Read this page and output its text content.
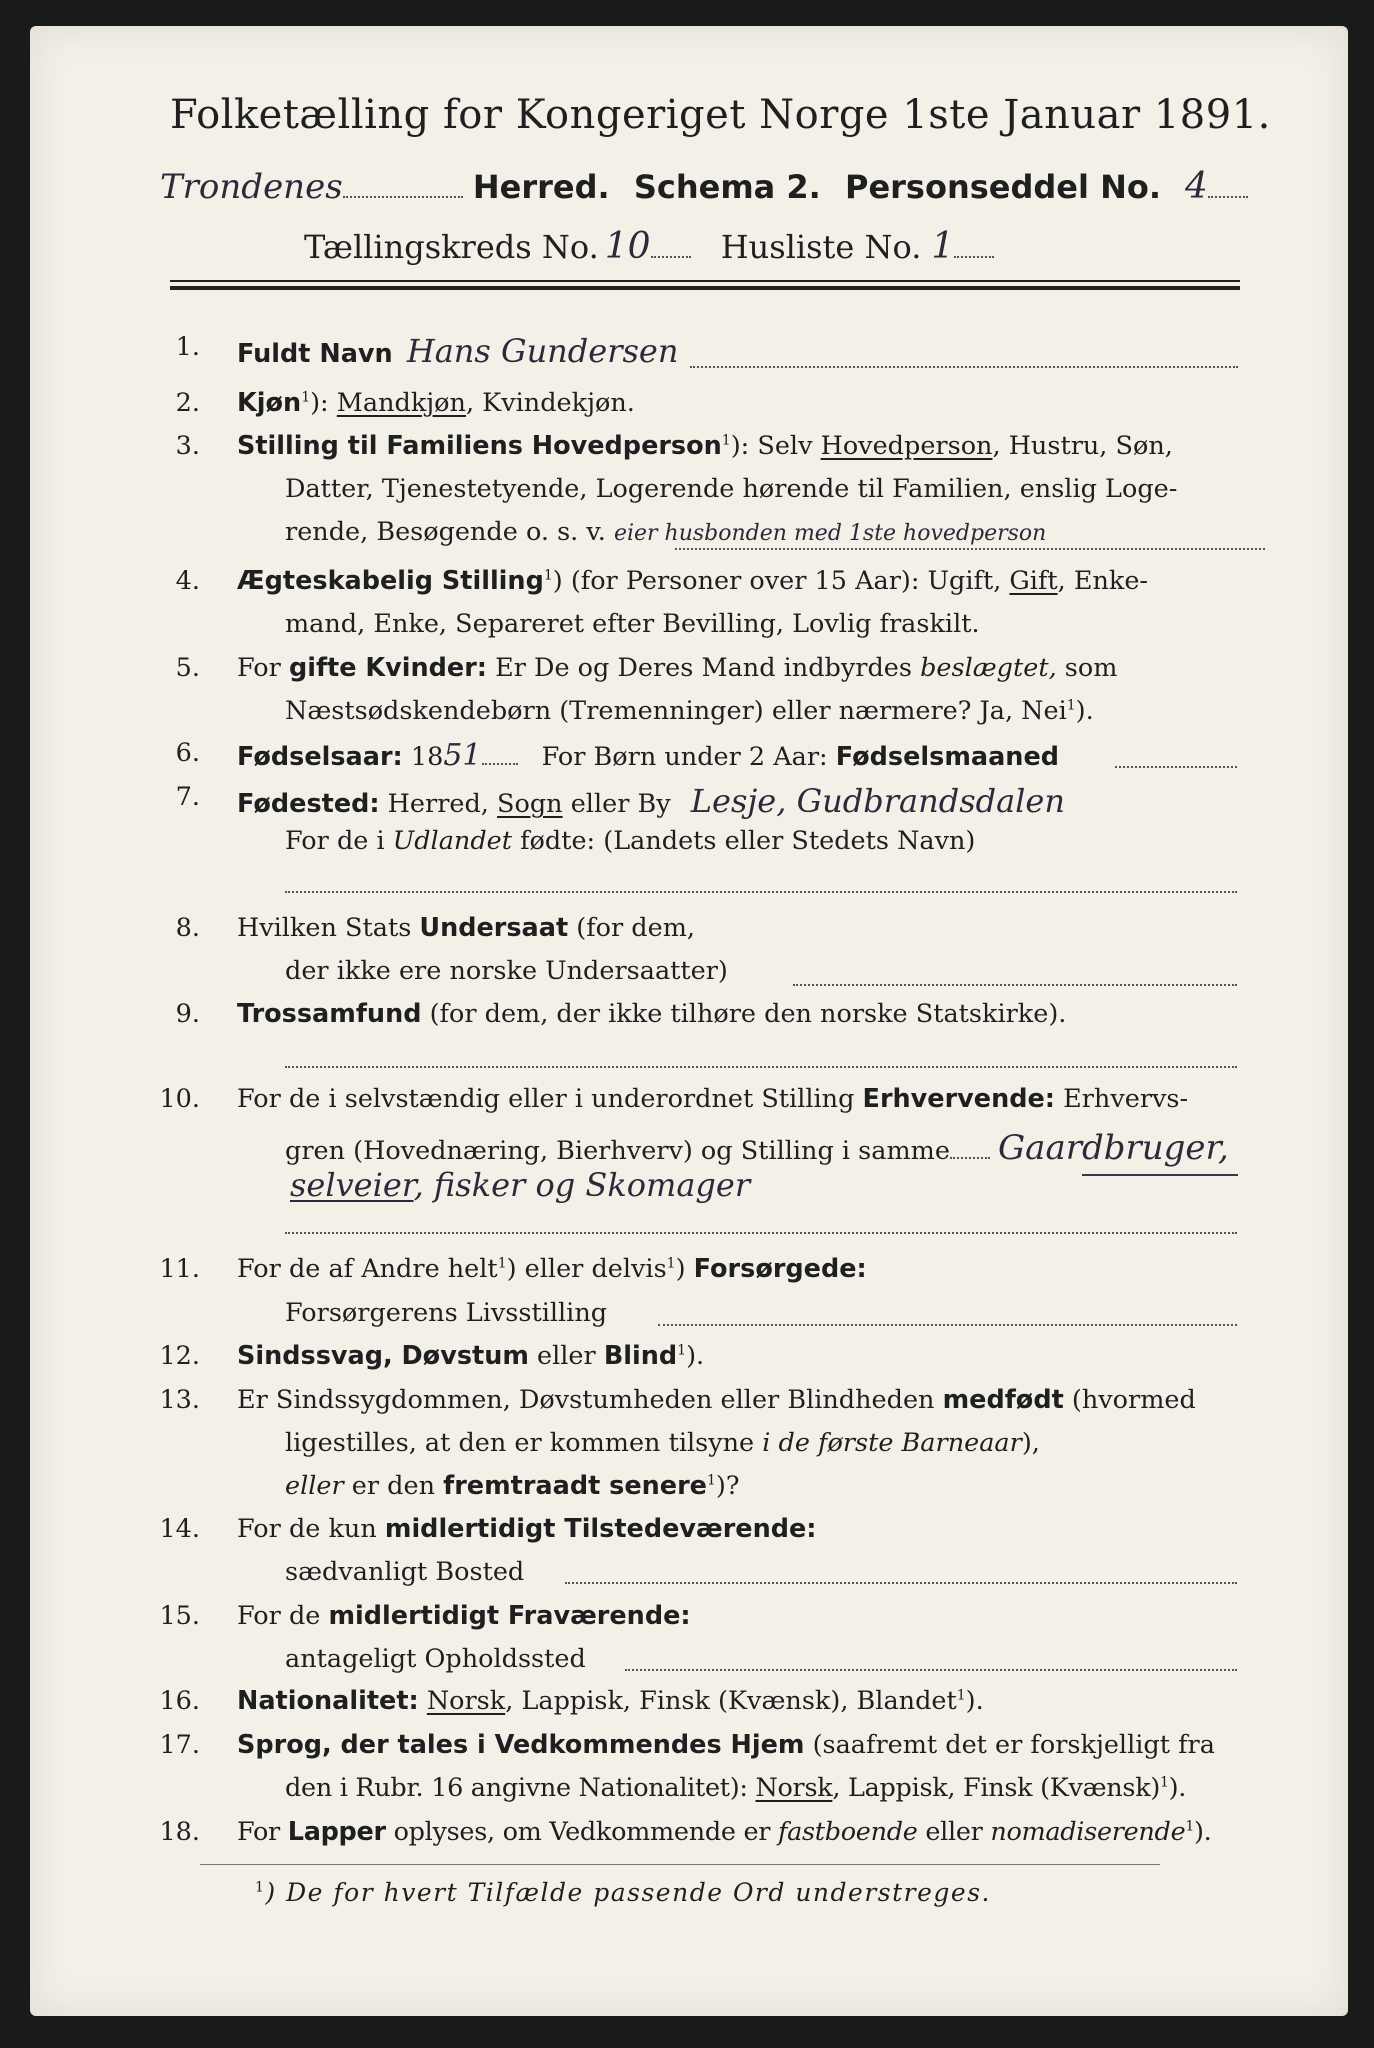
Folketælling for Kongeriget Norge 1ste Januar 1891.
Trondenes	Herred. Schema 2. Personseddel No. 4
Tællingskreds No. 10 Husliste No. 1
1. Fuldt Navn Hans Gundersen
2. Kjøn$^1$): Mandkjøn, Kvindekjøn.
3. Stilling til Familiens Hovedperson$^1$): Selv Hovedperson, Hustru, Søn,
Datter, Tjenestetyende, Logerende hørende til Familien, enslig Loge-
rende, Besøgende o. s. v. eier husbonden med 1ste hovedperson
4. Ægteskabelig Stilling$^1$) (for Personer over 15 Aar): Ugift, Gift, Enke-
mand, Enke, Separeret efter Bevilling, Lovlig fraskilt.
5. For gifte Kvinder: Er De og Deres Mand indbyrdes beslægtet, som
Næstsødskendebørn (Tremenninger) eller nærmere? Ja, Nei$^1$).
6. Fødselsaar: 1851 For Børn under 2 Aar: Fødselsmaaned
7. Fødested: Herred, Sogn eller By Lesje, Gudbrandsdalen
For de i Udlandet fødte: (Landets eller Stedets Navn)
8. Hvilken Stats Undersaat (for dem,
der ikke ere norske Undersaatter)
9. Trossamfund (for dem, der ikke tilhøre den norske Statskirke).
10. For de i selvstændig eller i underordnet Stilling Erhvervende: Erhvervs-
gren (Hovednæring, Bierhverv) og Stilling i samme Gaardbruger,
selveier, fisker og Skomager
11. For de af Andre helt$^1$) eller delvis$^1$) Forsørgede:
Forsørgerens Livsstilling
12. Sindssvag, Døvstum eller Blind$^1$).
13. Er Sindssygdommen, Døvstumheden eller Blindheden medfødt (hvormed
ligestilles, at den er kommen tilsyne i de første Barneaar),
eller er den fremtraadt senere$^1$)?
14. For de kun midlertidigt Tilstedeværende:
sædvanligt Bosted
15. For de midlertidigt Fraværende:
antageligt Opholdssted
16. Nationalitet: Norsk, Lappisk, Finsk (Kvænsk), Blandet$^1$).
17. Sprog, der tales i Vedkommendes Hjem (saafremt det er forskjelligt fra
den i Rubr. 16 angivne Nationalitet): Norsk, Lappisk, Finsk (Kvænsk)$^1$).
18. For Lapper oplyses, om Vedkommende er fastboende eller nomadiserende$^1$).
$^1$) De for hvert Tilfælde passende Ord understreges.
